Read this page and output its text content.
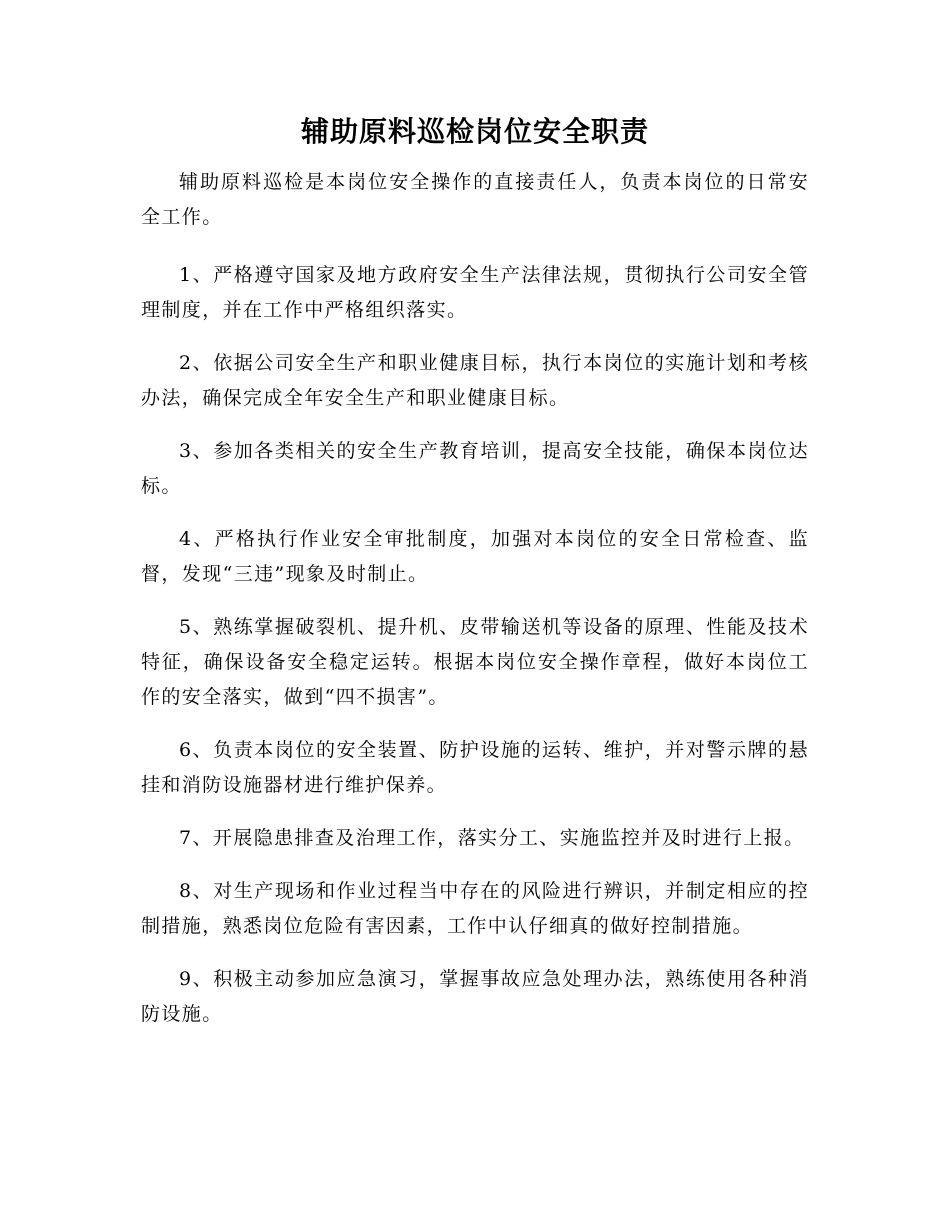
辅助原料巡检岗位安全职责

辅助原料巡检是本岗位安全操作的直接责任人，负责本岗位的日常安全工作。

1、严格遵守国家及地方政府安全生产法律法规，贯彻执行公司安全管理制度，并在工作中严格组织落实。

2、依据公司安全生产和职业健康目标，执行本岗位的实施计划和考核办法，确保完成全年安全生产和职业健康目标。

3、参加各类相关的安全生产教育培训，提高安全技能，确保本岗位达标。

4、严格执行作业安全审批制度，加强对本岗位的安全日常检查、监督，发现“三违”现象及时制止。

5、熟练掌握破裂机、提升机、皮带输送机等设备的原理、性能及技术特征，确保设备安全稳定运转。根据本岗位安全操作章程，做好本岗位工作的安全落实，做到“四不损害”。

6、负责本岗位的安全装置、防护设施的运转、维护，并对警示牌的悬挂和消防设施器材进行维护保养。

7、开展隐患排查及治理工作，落实分工、实施监控并及时进行上报。

8、对生产现场和作业过程当中存在的风险进行辨识，并制定相应的控制措施，熟悉岗位危险有害因素，工作中认仔细真的做好控制措施。

9、积极主动参加应急演习，掌握事故应急处理办法，熟练使用各种消防设施。
